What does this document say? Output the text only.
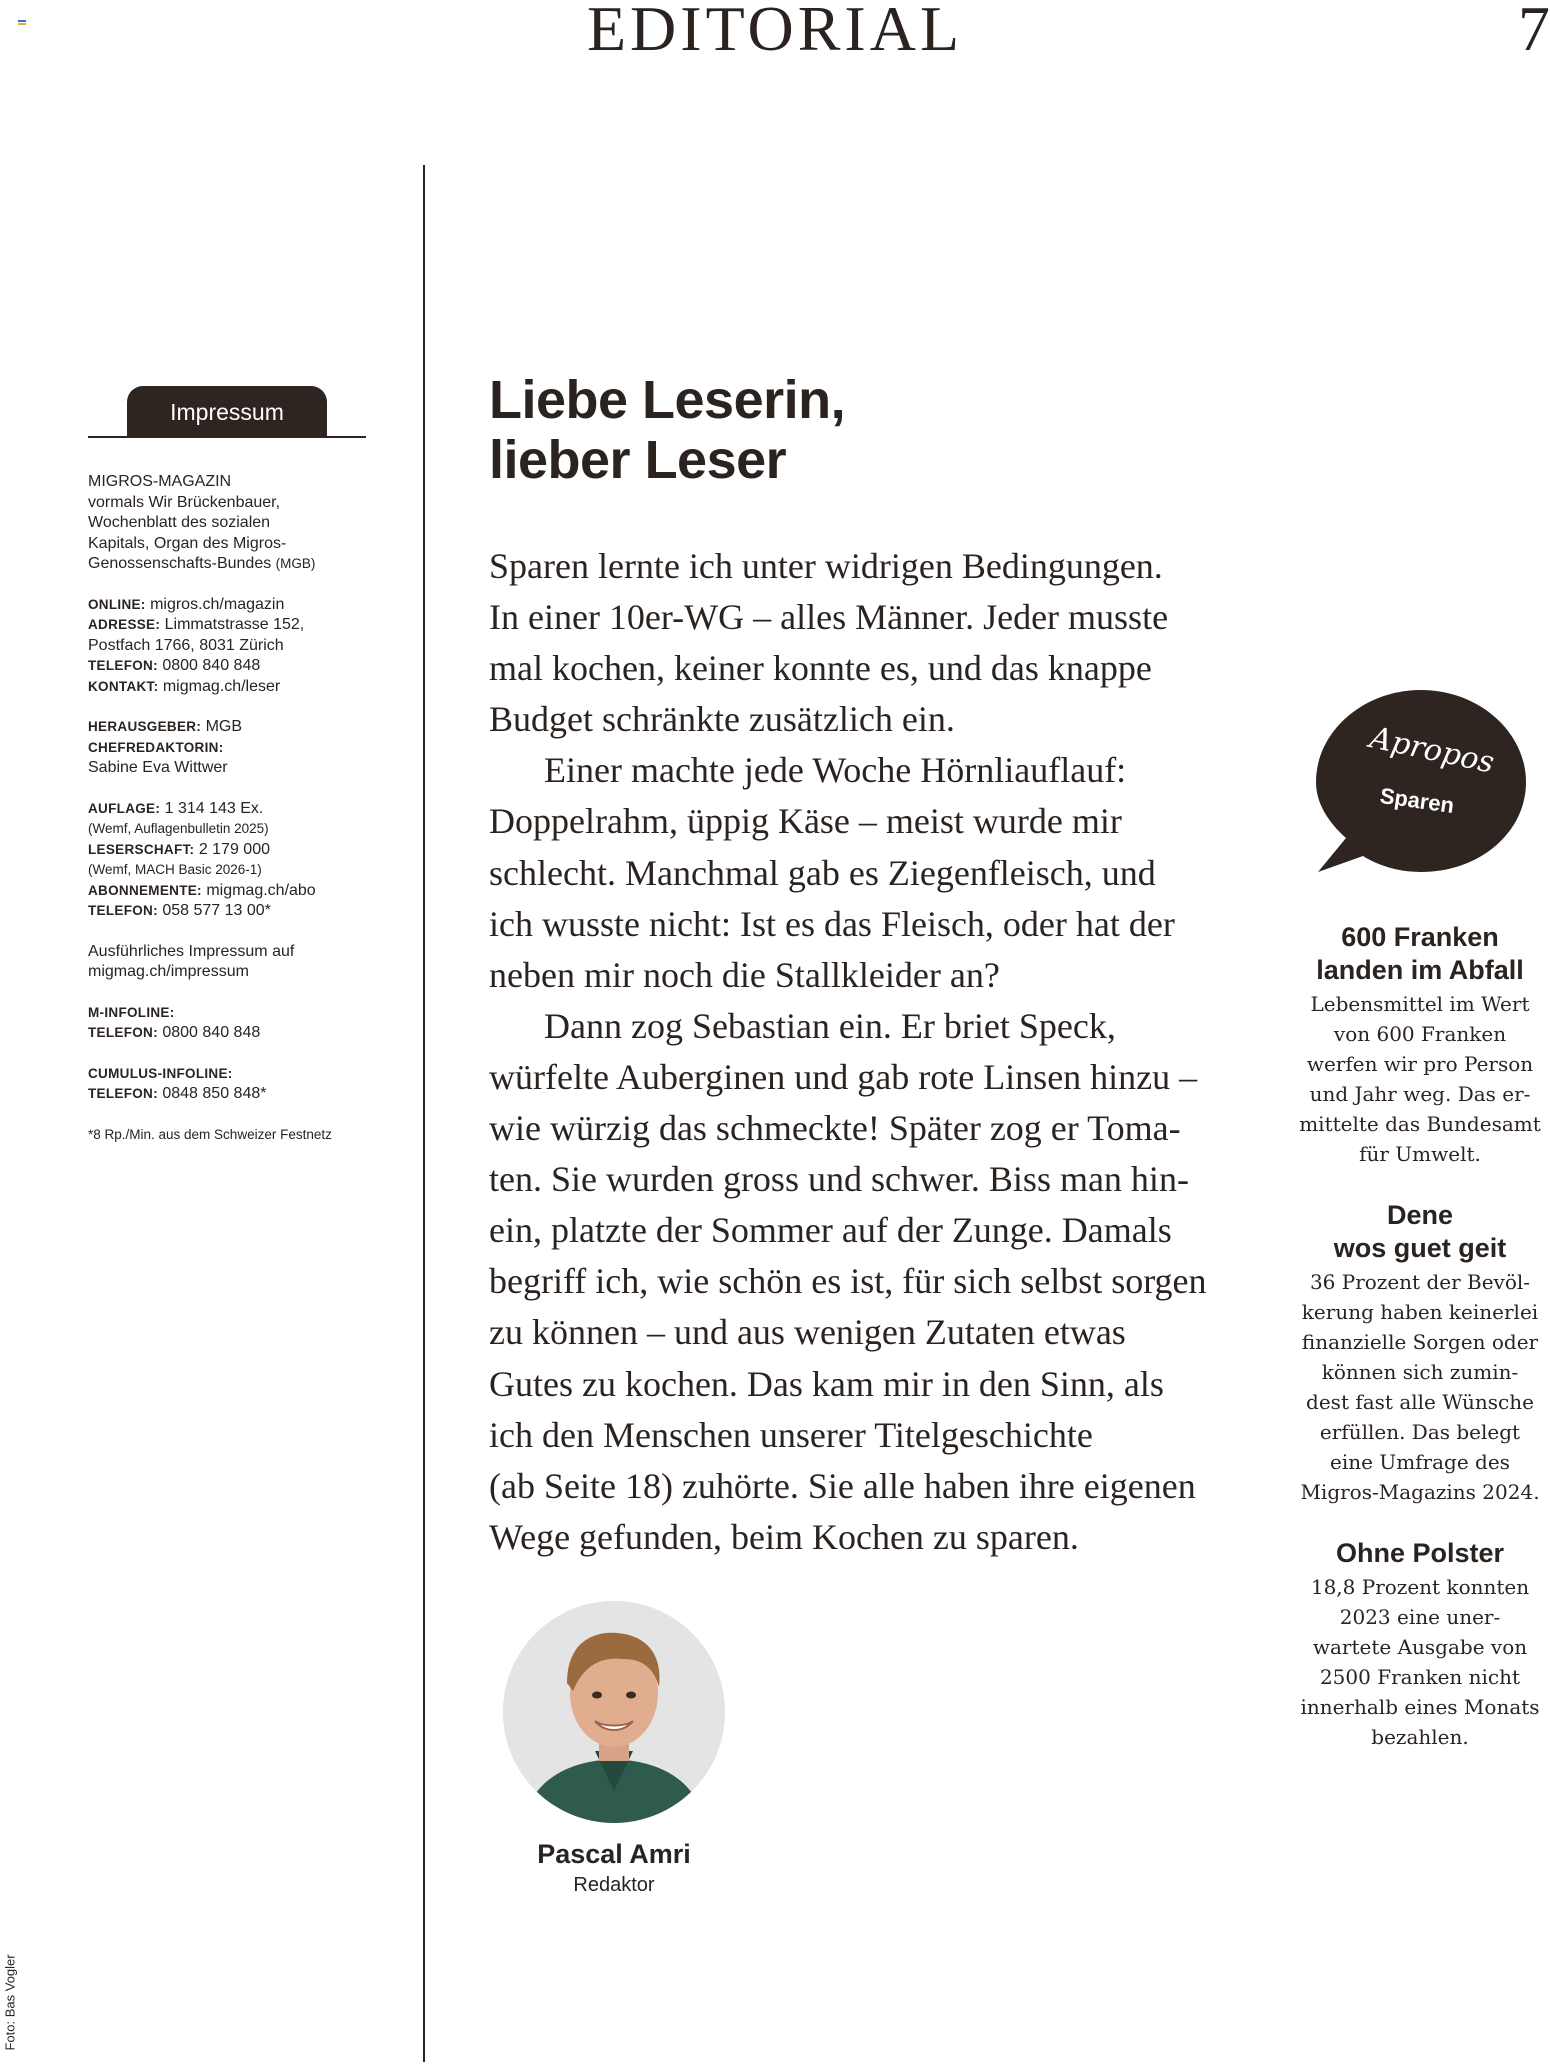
EDITORIAL	7
Impressum
MIGROS-MAGAZIN
vormals Wir Brückenbauer,
Wochenblatt des sozialen
Kapitals, Organ des Migros-
Genossenschafts-Bundes (MGB)
ONLINE: migros.ch/magazin
ADRESSE: Limmatstrasse 152,
Postfach 1766, 8031 Zürich
TELEFON: 0800 840 848
KONTAKT: migmag.ch/leser
HERAUSGEBER: MGB
CHEFREDAKTORIN:
Sabine Eva Wittwer
AUFLAGE: 1 314 143 Ex.
(Wemf, Auflagenbulletin 2025)
LESERSCHAFT: 2 179 000
(Wemf, MACH Basic 2026-1)
ABONNEMENTE: migmag.ch/abo
TELEFON: 058 577 13 00*
Ausführliches Impressum auf
migmag.ch/impressum
M-INFOLINE:
TELEFON: 0800 840 848
CUMULUS-INFOLINE:
TELEFON: 0848 850 848*
*8 Rp./Min. aus dem Schweizer Festnetz
Liebe Leserin,
lieber Leser
Sparen lernte ich unter widrigen Bedingungen.
In einer 10er-WG – alles Männer. Jeder musste
mal kochen, keiner konnte es, und das knappe
Budget schränkte zusätzlich ein.
Einer machte jede Woche Hörnliauflauf:
Doppelrahm, üppig Käse – meist wurde mir
schlecht. Manchmal gab es Ziegenfleisch, und
ich wusste nicht: Ist es das Fleisch, oder hat der
neben mir noch die Stallkleider an?
Dann zog Sebastian ein. Er briet Speck,
würfelte Auberginen und gab rote Linsen hinzu –
wie würzig das schmeckte! Später zog er Toma-
ten. Sie wurden gross und schwer. Biss man hin-
ein, platzte der Sommer auf der Zunge. Damals
begriff ich, wie schön es ist, für sich selbst sorgen
zu können – und aus wenigen Zutaten etwas
Gutes zu kochen. Das kam mir in den Sinn, als
ich den Menschen unserer Titelgeschichte
(ab Seite 18) zuhörte. Sie alle haben ihre eigenen
Wege gefunden, beim Kochen zu sparen.
Pascal Amri
Redaktor
Foto: Bas Vogler
Apropos
Sparen
600 Franken
landen im Abfall
Lebensmittel im Wert
von 600 Franken
werfen wir pro Person
und Jahr weg. Das er-
mittelte das Bundesamt
für Umwelt.
Dene
wos guet geit
36 Prozent der Bevöl-
kerung haben keinerlei
finanzielle Sorgen oder
können sich zumin-
dest fast alle Wünsche
erfüllen. Das belegt
eine Umfrage des
Migros-Magazins 2024.
Ohne Polster
18,8 Prozent konnten
2023 eine uner-
wartete Ausgabe von
2500 Franken nicht
innerhalb eines Monats
bezahlen.
